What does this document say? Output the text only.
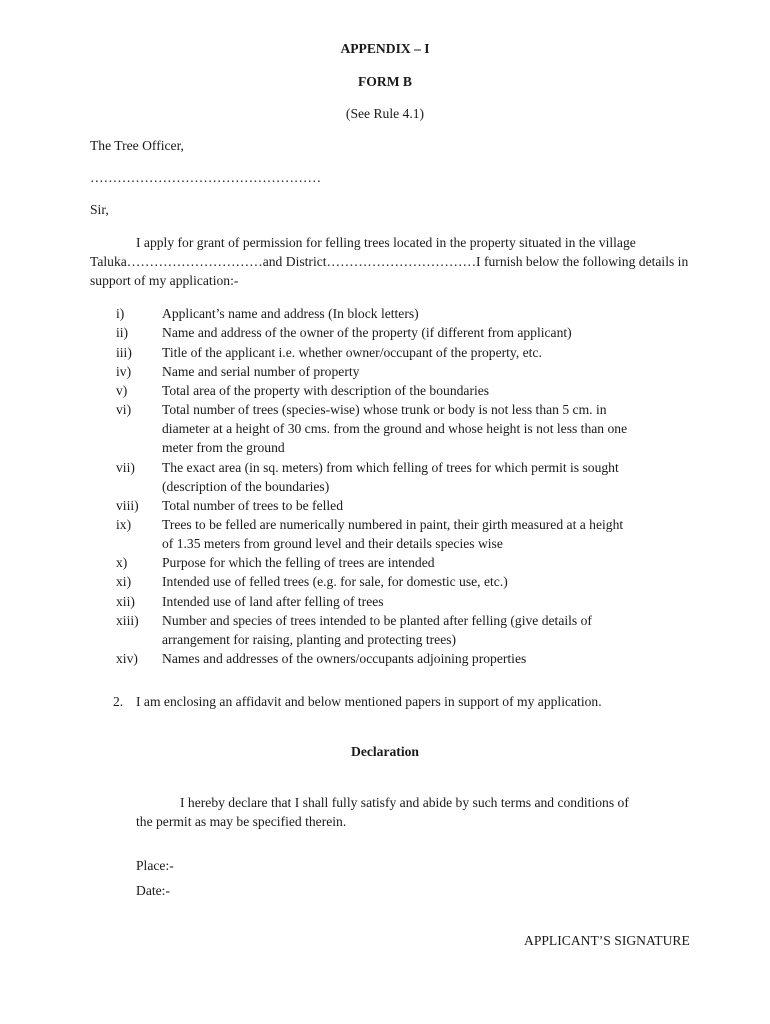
APPENDIX – I
FORM B
(See Rule 4.1)
The Tree Officer,
……………………………………………
Sir,
I apply for grant of permission for felling trees located in the property situated in the village
Taluka…………………………and District……………………………I furnish below the following details in
support of my application:-
i)	Applicant’s name and address (In block letters)
ii) Name and address of the owner of the property (if different from applicant)
iii) Title of the applicant i.e. whether owner/occupant of the property, etc.
iv) Name and serial number of property
v)	Total area of the property with description of the boundaries
vi) Total number of trees (species-wise) whose trunk or body is not less than 5 cm. in
diameter at a height of 30 cms. from the ground and whose height is not less than one
meter from the ground
vii) The exact area (in sq. meters) from which felling of trees for which permit is sought
(description of the boundaries)
viii) Total number of trees to be felled
ix) Trees to be felled are numerically numbered in paint, their girth measured at a height
of 1.35 meters from ground level and their details species wise
x)	Purpose for which the felling of trees are intended
xi) Intended use of felled trees (e.g. for sale, for domestic use, etc.)
xii) Intended use of land after felling of trees
xiii) Number and species of trees intended to be planted after felling (give details of
arrangement for raising, planting and protecting trees)
xiv) Names and addresses of the owners/occupants adjoining properties
2. I am enclosing an affidavit and below mentioned papers in support of my application.
Declaration
I hereby declare that I shall fully satisfy and abide by such terms and conditions of
the permit as may be specified therein.
Place:-
Date:-
APPLICANT’S SIGNATURE
